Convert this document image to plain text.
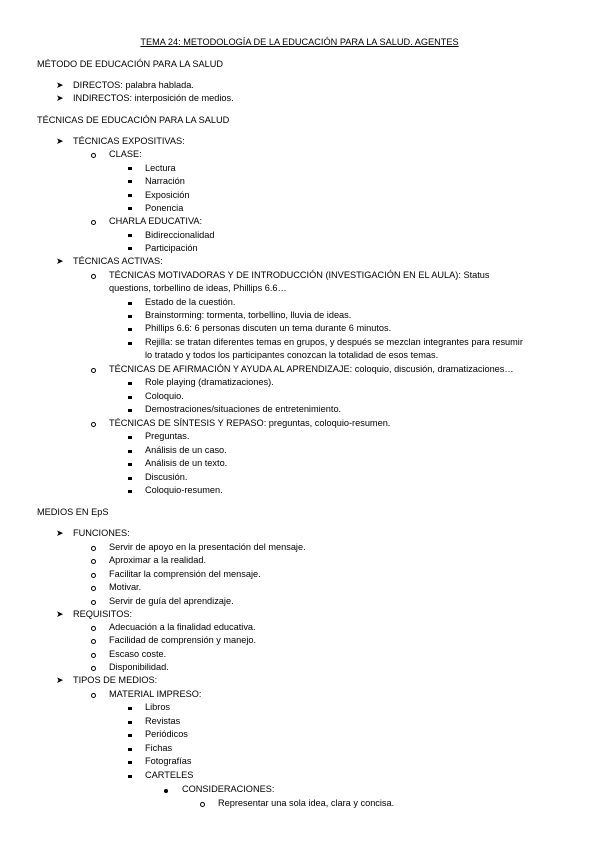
TEMA 24: METODOLOGÍA DE LA EDUCACIÓN PARA LA SALUD. AGENTES
MÉTODO DE EDUCACIÓN PARA LA SALUD
➤ DIRECTOS: palabra hablada.
➤ INDIRECTOS: interposición de medios.
TÉCNICAS DE EDUCACIÓN PARA LA SALUD
➤ TÉCNICAS EXPOSITIVAS:
CLASE:
Lectura
Narración
Exposición
Ponencia
CHARLA EDUCATIVA:
Bidireccionalidad
Participación
➤ TÉCNICAS ACTIVAS:
TÉCNICAS MOTIVADORAS Y DE INTRODUCCIÓN (INVESTIGACIÓN EN EL AULA): Status
questions, torbellino de ideas, Phillips 6.6…
Estado de la cuestión.
Brainstorming: tormenta, torbellino, lluvia de ideas.
Phillips 6.6: 6 personas discuten un tema durante 6 minutos.
Rejilla: se tratan diferentes temas en grupos, y después se mezclan integrantes para resumir
lo tratado y todos los participantes conozcan la totalidad de esos temas.
TÉCNICAS DE AFIRMACIÓN Y AYUDA AL APRENDIZAJE: coloquio, discusión, dramatizaciones…
Role playing (dramatizaciones).
Coloquio.
Demostraciones/situaciones de entretenimiento.
TÉCNICAS DE SÍNTESIS Y REPASO: preguntas, coloquio-resumen.
Preguntas.
Análisis de un caso.
Análisis de un texto.
Discusión.
Coloquio-resumen.
MEDIOS EN EpS
➤ FUNCIONES:
Servir de apoyo en la presentación del mensaje.
Aproximar a la realidad.
Facilitar la comprensión del mensaje.
Motivar.
Servir de guía del aprendizaje.
➤ REQUISITOS:
Adecuación a la finalidad educativa.
Facilidad de comprensión y manejo.
Escaso coste.
Disponibilidad.
➤ TIPOS DE MEDIOS:
MATERIAL IMPRESO:
Libros
Revistas
Periódicos
Fichas
Fotografías
CARTELES
CONSIDERACIONES:
Representar una sola idea, clara y concisa.
